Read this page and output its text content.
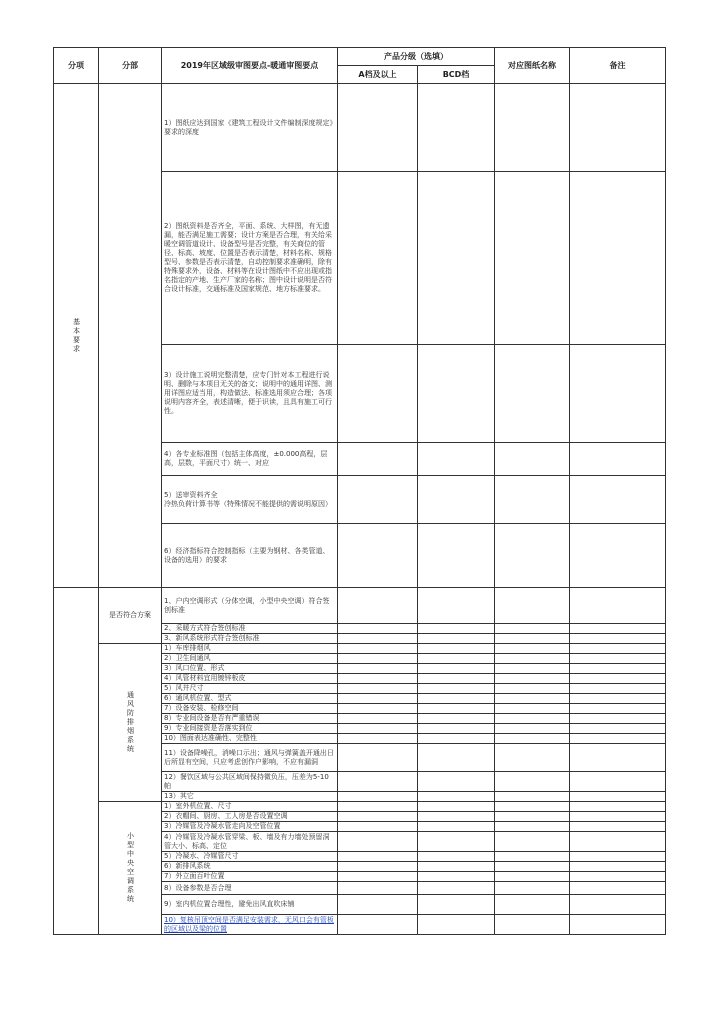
分项	分部	2019年区域级审图要点-暖通审图要点	产品分级（选填）		对应图纸名称	备注
			A档及以上	BCD档		
基本要求		1）图纸应达到国家《建筑工程设计文件编制深度规定》要求的深度				
		2）图纸资料是否齐全，平面、系统、大样图，有无遗漏，能否满足施工需要；设计方案是否合理，有关给采暖空调管道设计、设备型号是否完整，有关商位的管径、标高、坡度、位置是否表示清楚，材料名称、规格型号、参数是否表示清楚，自动控制要求准确明，除有特殊要求外，设备、材料等在设计图纸中不应出现或指名指定的产地、生产厂家的名称；图中设计说明是否符合设计标准，交通标准及国家规范、地方标准要求。				
		3）设计施工说明完整清楚，应专门针对本工程进行说明、删除与本项目无关的备文；说明中的通用详图、测用详图应适当用，构造做法、标准选用须应合理；各项说明内容齐全，表述清晰，便于识读，且具有施工可行性。				
		4）各专业标准图（包括主体高度，±0.000高程，层高，层数，平面尺寸）统一、对应				
		5）送审资料齐全
冷热负荷计算书等（特殊情况不能提供的需说明原因）				
		6）经济指标符合控制指标（主要为钢材、各类管道、设备的选用）的要求				
	是否符合方案	1、户内空调形式（分体空调，小型中央空调）符合签创标准				
		2、采暖方式符合签创标准				
		3、新风系统形式符合签创标准				
	通风防排烟系统	1）车库排烟风				
		2）卫生间通风				
		3）风口位置、形式				
		4）风管材料宜用镀锌板皮				
		5）风井尺寸				
		6）通风机位置、型式				
		7）设备安装、检修空间				
		8）专业间设备是否有严重错误				
		9）专业间接资是否落实到位				
		10）图面表达准确性、完整性				
		11）设备降噪孔，消噪口示出；通风与弹簧盖开通出日后所显有空间，只应考虑创作户影响，不应有漏洞				
		12）餐饮区域与公共区域间保持微负压，压差为5-10帕				
		13）其它				
	小型中央空调系统	1）室外机位置、尺寸				
		2）衣帽间、厨房、工人房是否设置空调				
		3）冷媒管及冷凝水管走向及空管位置				
		4）冷媒管及冷凝水管穿梁、板、墙及有力墙处预留洞管大小、标高、定位				
		5）冷凝水、冷媒管尺寸				
		6）新排风系统				
		7）外立面百叶位置				
		8）设备参数是否合理				
		9）室内机位置合理性，避免出风直吹床铺				
		10）复核吊顶空间是否满足安装需求，无风口会有管板的区域以及梁的位置				
